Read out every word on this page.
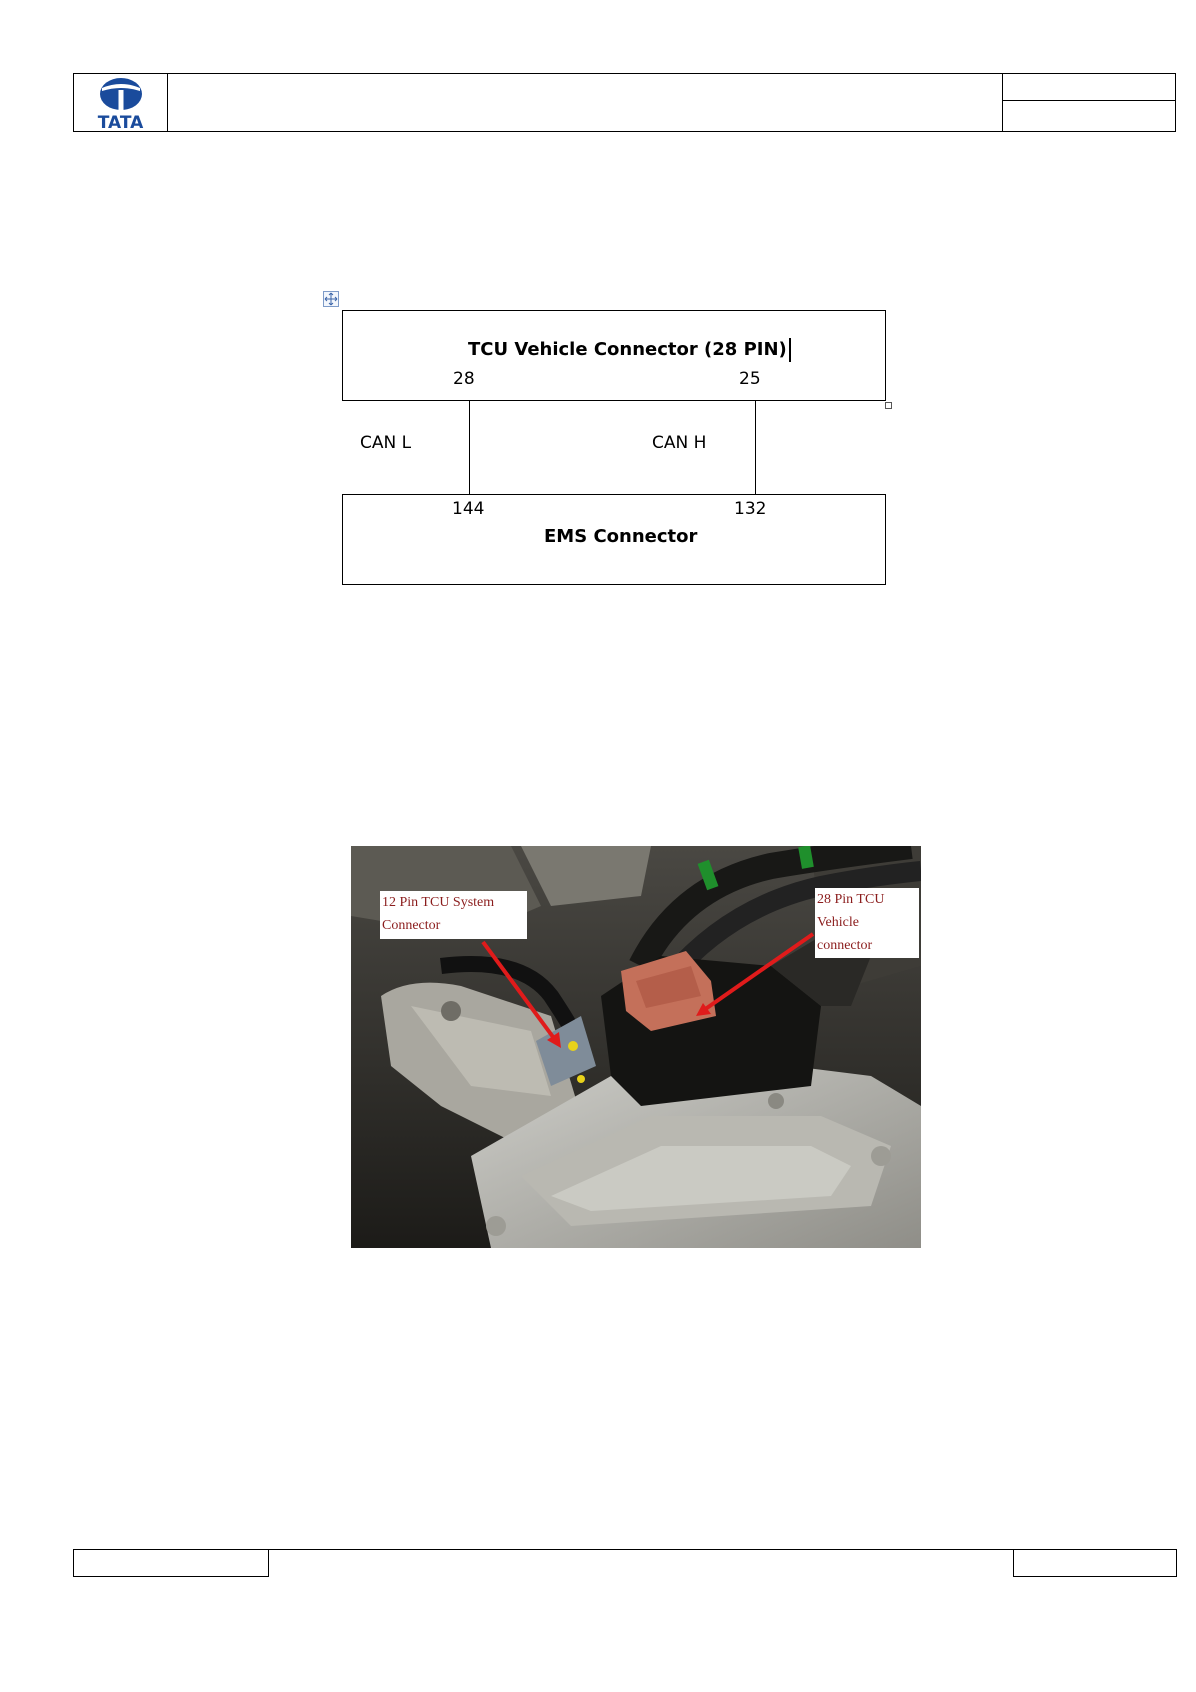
TATA
TCU Vehicle Connector (28 PIN)
28	25
CAN L	CAN H
144	132
EMS Connector
12 Pin TCU System
Connector
28 Pin TCU
Vehicle
connector
